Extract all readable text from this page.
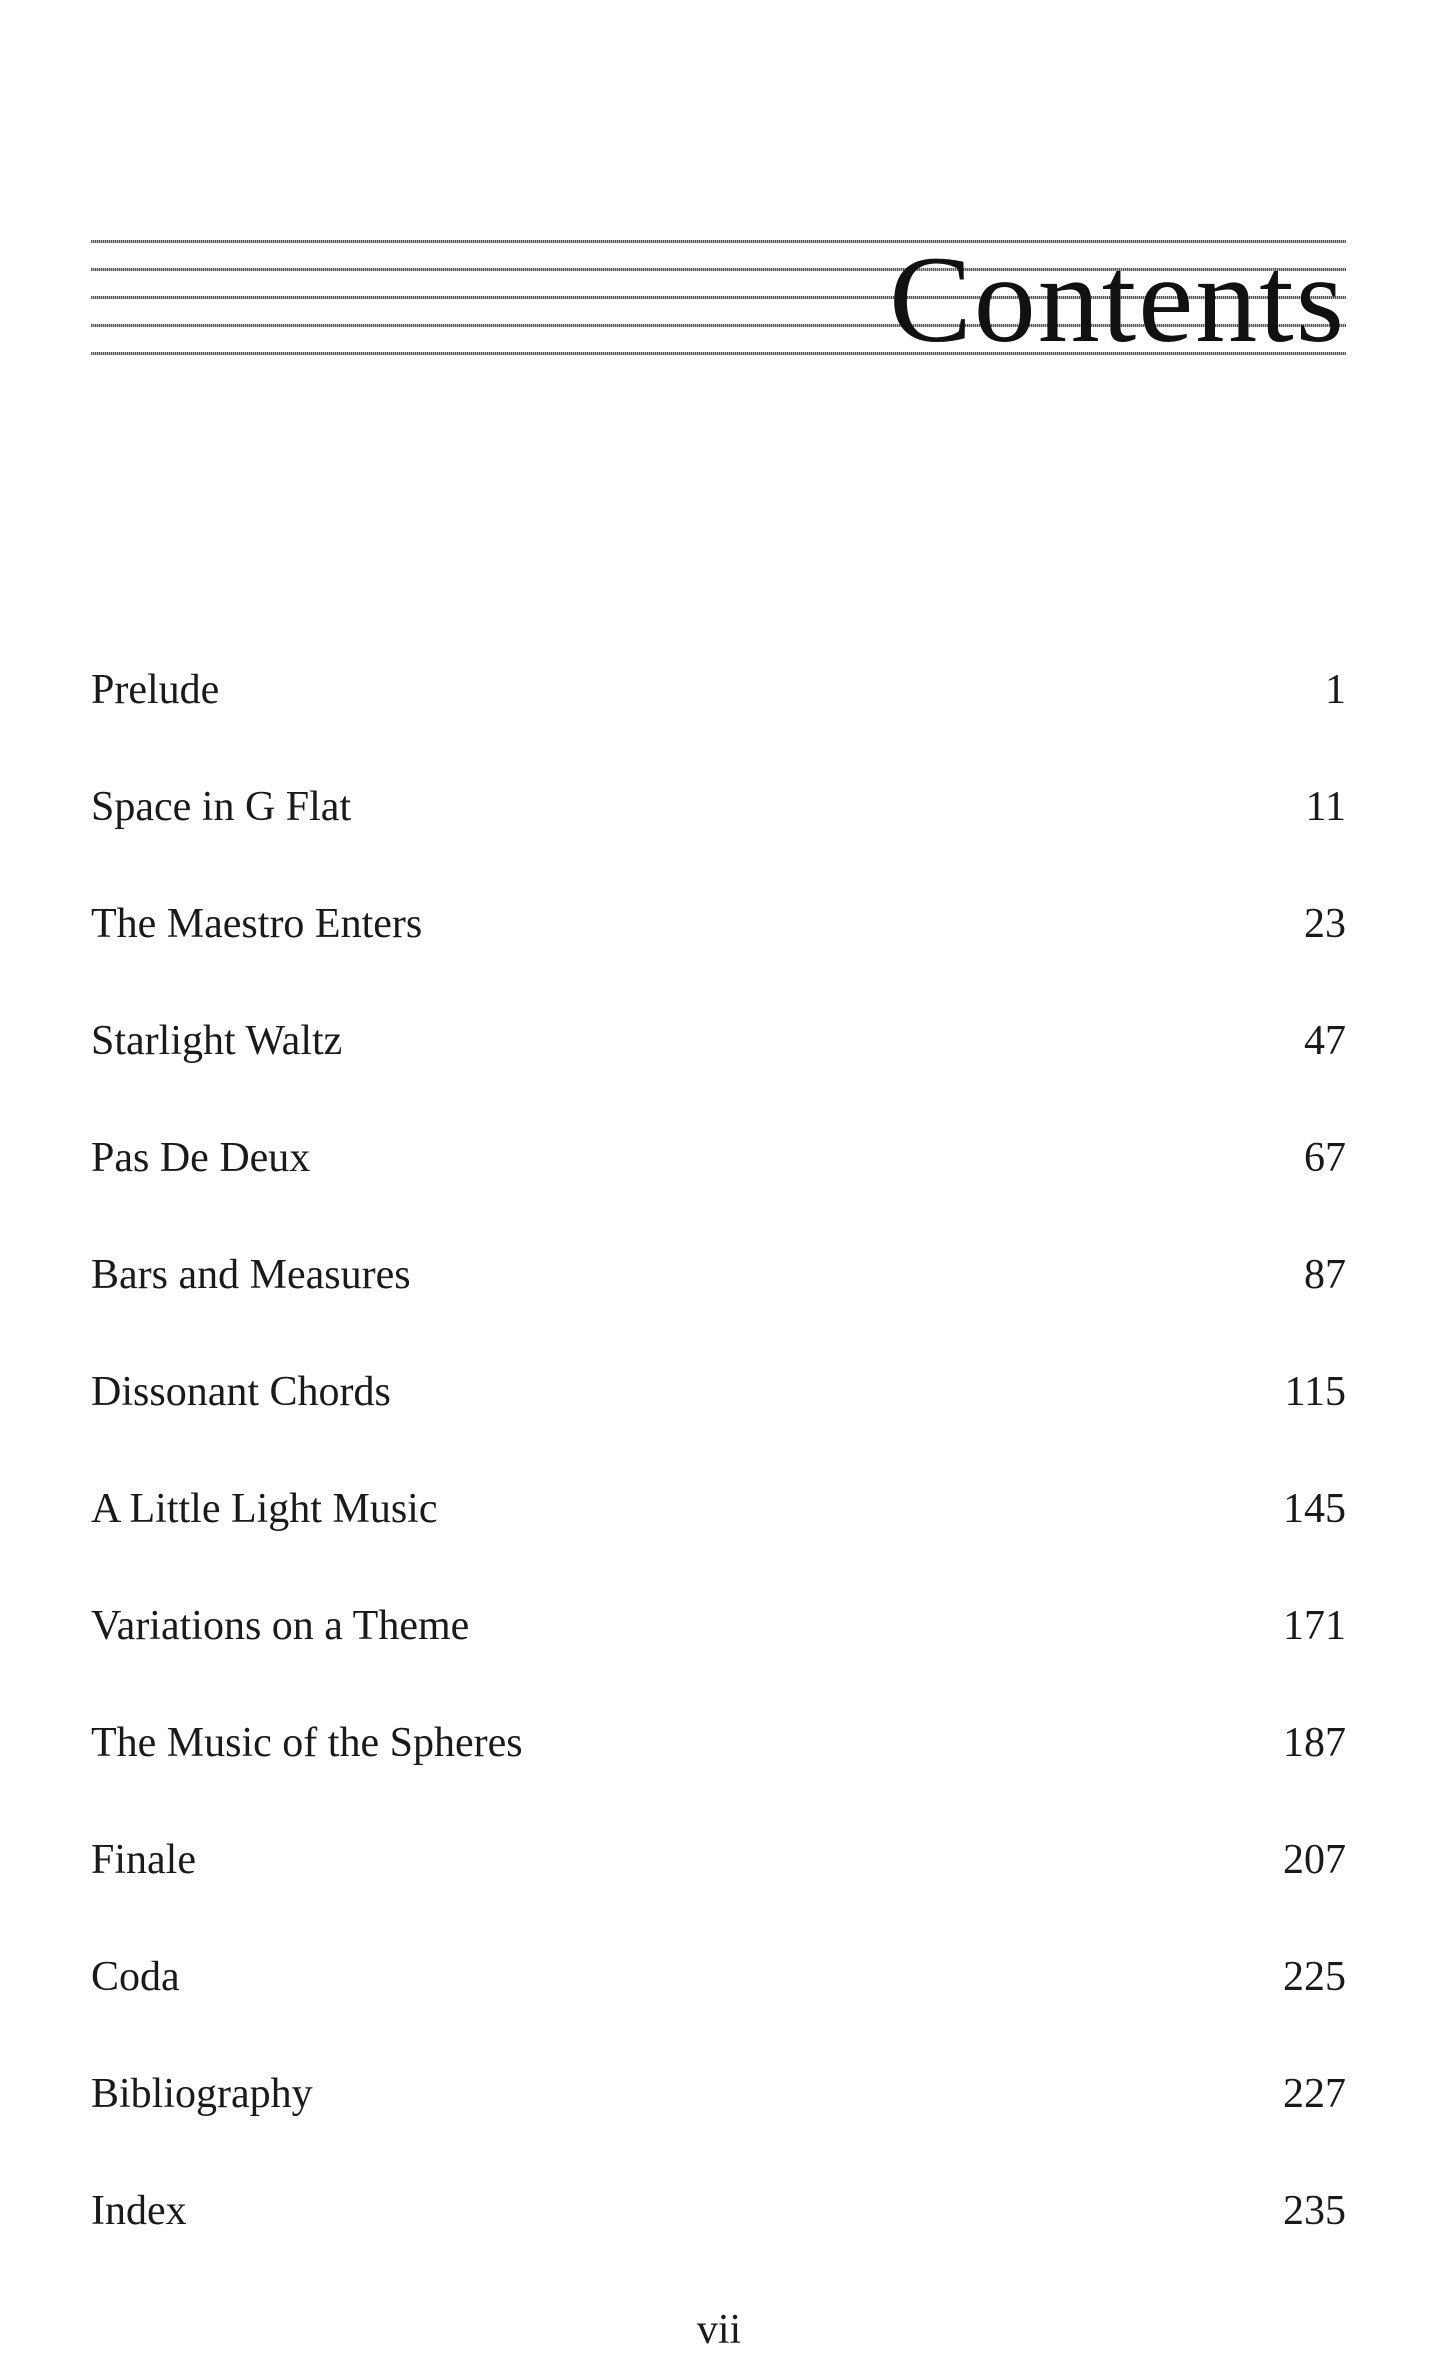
Contents
Prelude	1
Space in G Flat	11
The Maestro Enters	23
Starlight Waltz	47
Pas De Deux	67
Bars and Measures	87
Dissonant Chords	115
A Little Light Music	145
Variations on a Theme	171
The Music of the Spheres	187
Finale	207
Coda	225
Bibliography	227
Index	235
vii
